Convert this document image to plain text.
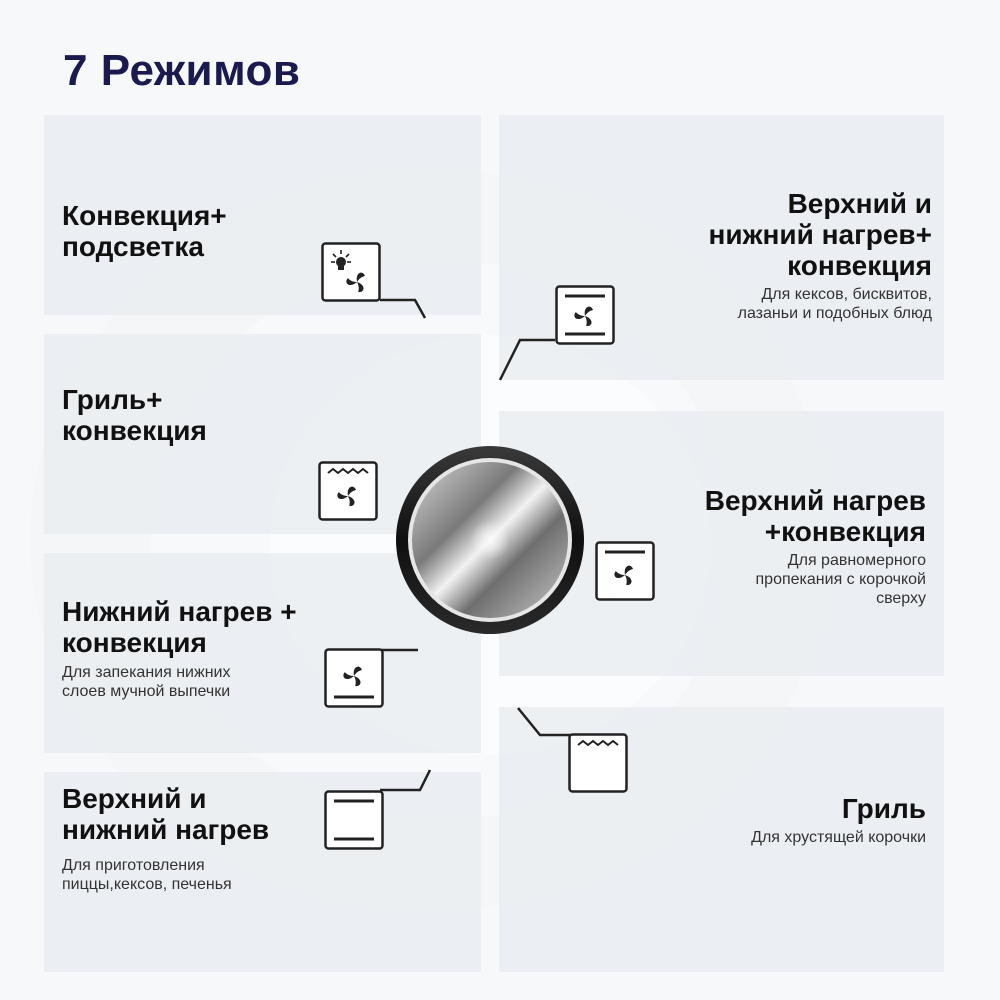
7 Режимов

Конвекция+
подсветка

Гриль+
конвекция

Нижний нагрев +
конвекция

Для запекания нижних
слоев мучной выпечки

Верхний и
нижний нагрев

Для приготовления
пиццы,кексов, печенья

Верхний и
нижний нагрев+
конвекция

Для кексов, бисквитов,
лазаньи и подобных блюд

Верхний нагрев
+конвекция

Для равномерного
пропекания с корочкой
сверху

Гриль

Для хрустящей корочки
